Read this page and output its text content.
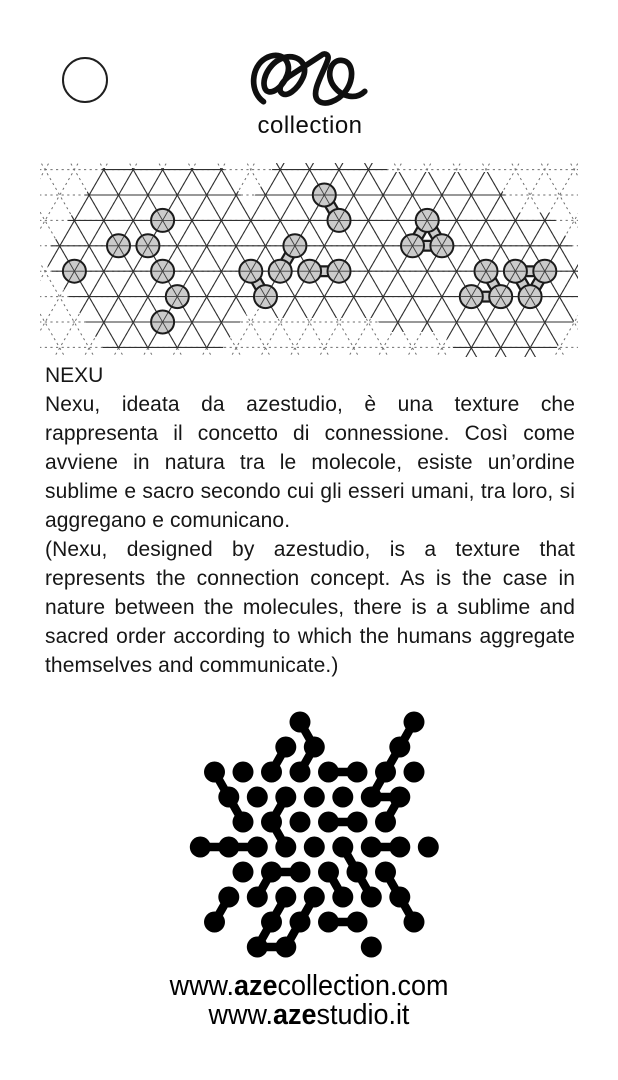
collection

NEXU

Nexu, ideata da azestudio, è una texture che rappresenta il concetto di connessione. Così come avviene in natura tra le molecole, esiste un’ordine sublime e sacro secondo cui gli esseri umani, tra loro, si aggregano e comunicano.

(Nexu, designed by azestudio, is a texture that represents the connection concept. As is the case in nature between the molecules, there is a sublime and sacred order according to which the humans aggregate themselves and communicate.)

www.azecollection.com
www.azestudio.it
